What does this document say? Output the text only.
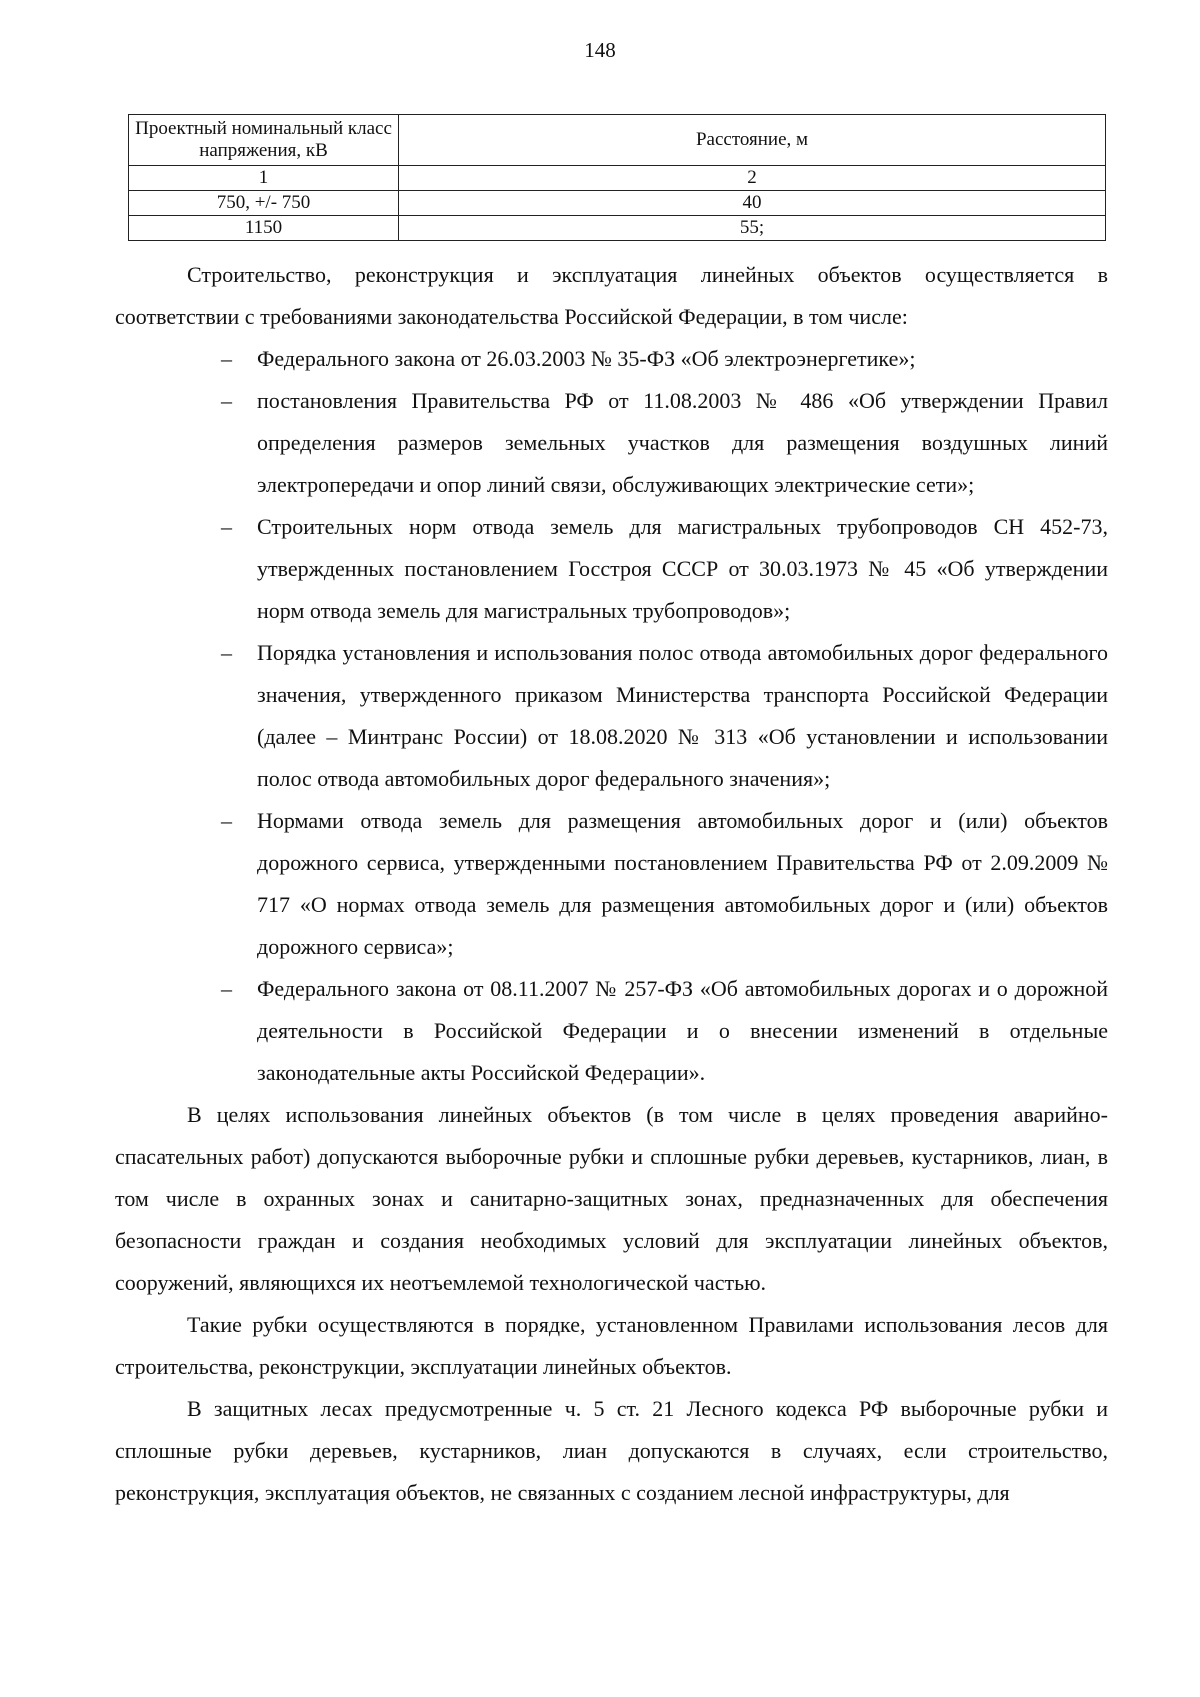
148
Проектный номинальный класс напряжения, кВ	Расстояние, м
1	2
750, +/- 750	40
1150	55;

Строительство, реконструкция и эксплуатация линейных объектов осуществляется в соответствии с требованиями законодательства Российской Федерации, в том числе:

– Федерального закона от 26.03.2003 № 35-ФЗ «Об электроэнергетике»;
– постановления Правительства РФ от 11.08.2003 № 486 «Об утверждении Правил определения размеров земельных участков для размещения воздушных линий электропередачи и опор линий связи, обслуживающих электрические сети»;
– Строительных норм отвода земель для магистральных трубопроводов СН 452-73, утвержденных постановлением Госстроя СССР от 30.03.1973 № 45 «Об утверждении норм отвода земель для магистральных трубопроводов»;
– Порядка установления и использования полос отвода автомобильных дорог федерального значения, утвержденного приказом Министерства транспорта Российской Федерации (далее – Минтранс России) от 18.08.2020 № 313 «Об установлении и использовании полос отвода автомобильных дорог федерального значения»;
– Нормами отвода земель для размещения автомобильных дорог и (или) объектов дорожного сервиса, утвержденными постановлением Правительства РФ от 2.09.2009 № 717 «О нормах отвода земель для размещения автомобильных дорог и (или) объектов дорожного сервиса»;
– Федерального закона от 08.11.2007 № 257-ФЗ «Об автомобильных дорогах и о дорожной деятельности в Российской Федерации и о внесении изменений в отдельные законодательные акты Российской Федерации».

В целях использования линейных объектов (в том числе в целях проведения аварийно-спасательных работ) допускаются выборочные рубки и сплошные рубки деревьев, кустарников, лиан, в том числе в охранных зонах и санитарно-защитных зонах, предназначенных для обеспечения безопасности граждан и создания необходимых условий для эксплуатации линейных объектов, сооружений, являющихся их неотъемлемой технологической частью.

Такие рубки осуществляются в порядке, установленном Правилами использования лесов для строительства, реконструкции, эксплуатации линейных объектов.

В защитных лесах предусмотренные ч. 5 ст. 21 Лесного кодекса РФ выборочные рубки и сплошные рубки деревьев, кустарников, лиан допускаются в случаях, если строительство, реконструкция, эксплуатация объектов, не связанных с созданием лесной инфраструктуры, для
